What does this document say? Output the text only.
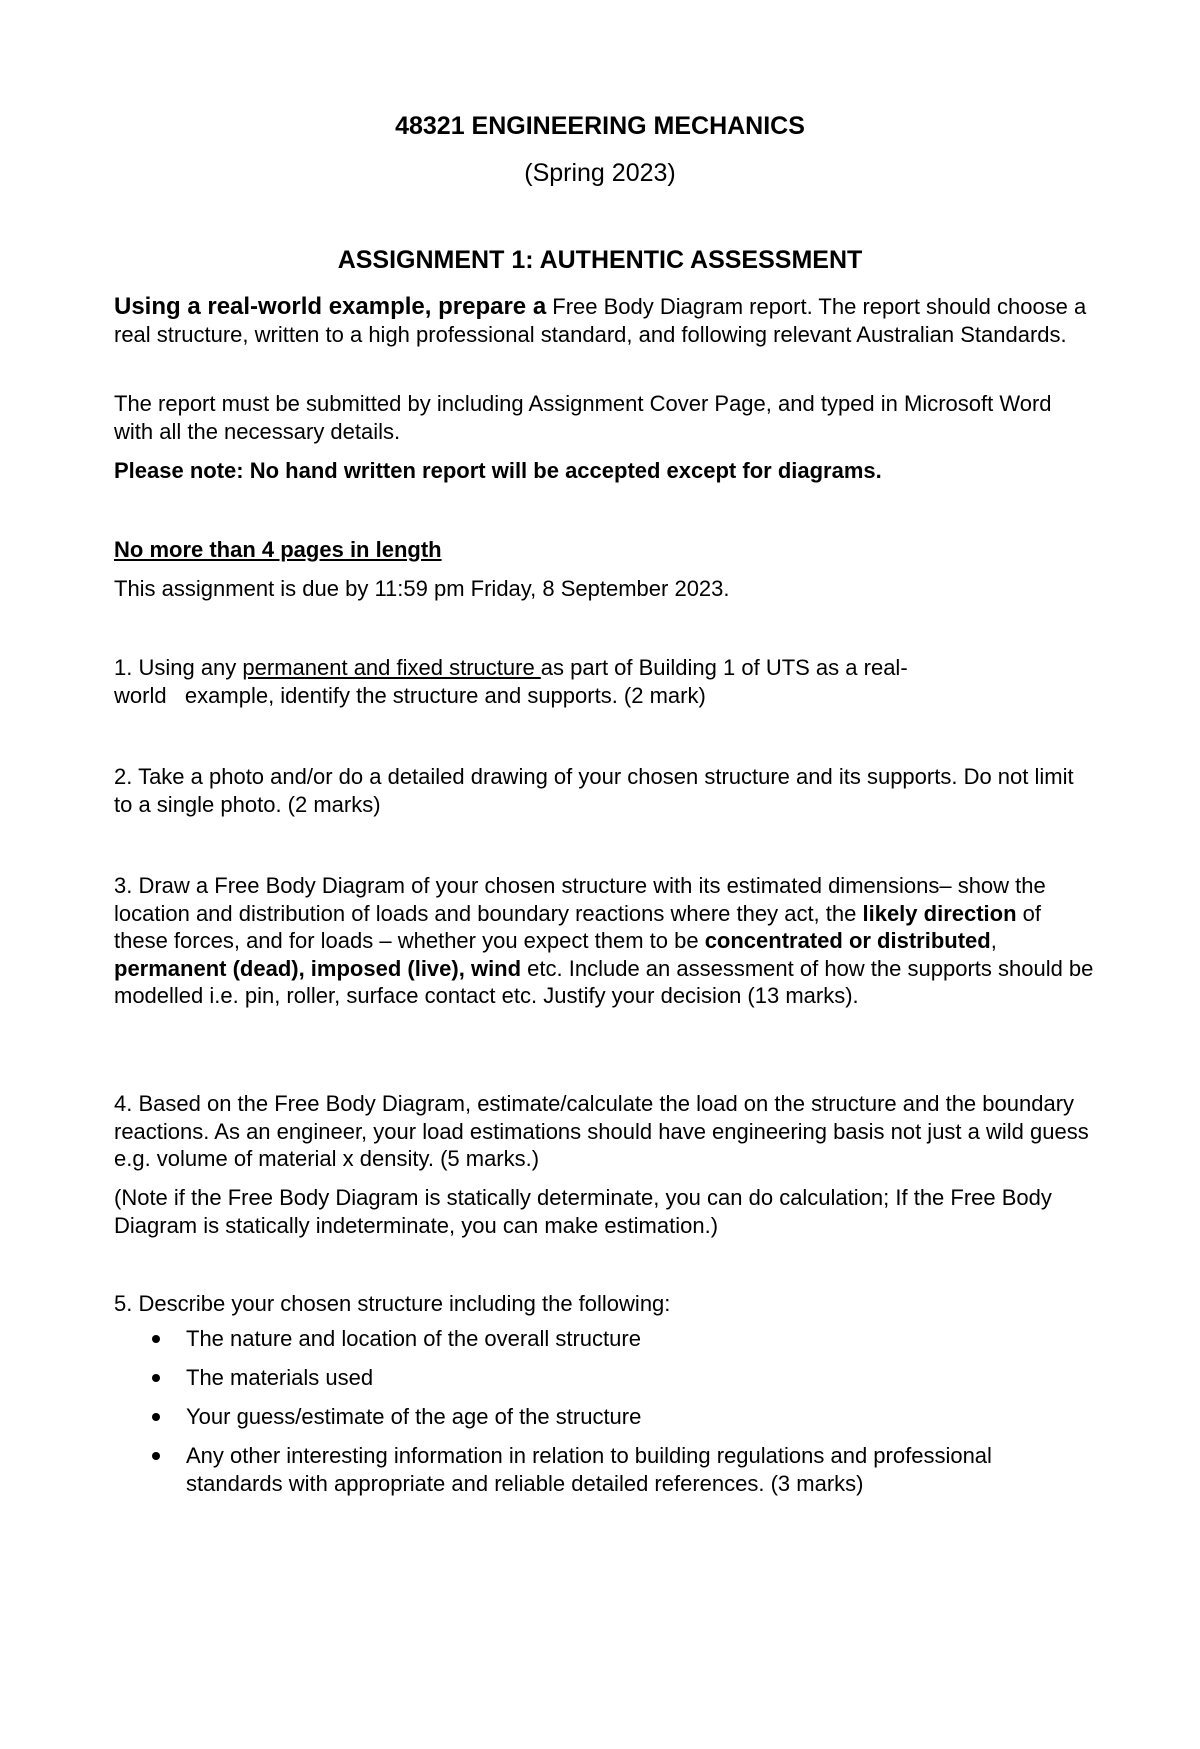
48321 ENGINEERING MECHANICS

(Spring 2023)

ASSIGNMENT 1: AUTHENTIC ASSESSMENT

Using a real-world example, prepare a Free Body Diagram report. The report should choose a real structure, written to a high professional standard, and following relevant Australian Standards.

The report must be submitted by including Assignment Cover Page, and typed in Microsoft Word with all the necessary details.

Please note: No hand written report will be accepted except for diagrams.

No more than 4 pages in length

This assignment is due by 11:59 pm Friday, 8 September 2023.

1. Using any permanent and fixed structure as part of Building 1 of UTS as a real-
world   example, identify the structure and supports. (2 mark)

2. Take a photo and/or do a detailed drawing of your chosen structure and its supports. Do not limit to a single photo. (2 marks)

3. Draw a Free Body Diagram of your chosen structure with its estimated dimensions– show the location and distribution of loads and boundary reactions where they act, the likely direction of these forces, and for loads – whether you expect them to be concentrated or distributed, permanent (dead), imposed (live), wind etc. Include an assessment of how the supports should be modelled i.e. pin, roller, surface contact etc. Justify your decision (13 marks).

4. Based on the Free Body Diagram, estimate/calculate the load on the structure and the boundary reactions. As an engineer, your load estimations should have engineering basis not just a wild guess e.g. volume of material x density. (5 marks.)

(Note if the Free Body Diagram is statically determinate, you can do calculation; If the Free Body Diagram is statically indeterminate, you can make estimation.)

5. Describe your chosen structure including the following:

The nature and location of the overall structure
The materials used
Your guess/estimate of the age of the structure
Any other interesting information in relation to building regulations and professional standards with appropriate and reliable detailed references. (3 marks)
